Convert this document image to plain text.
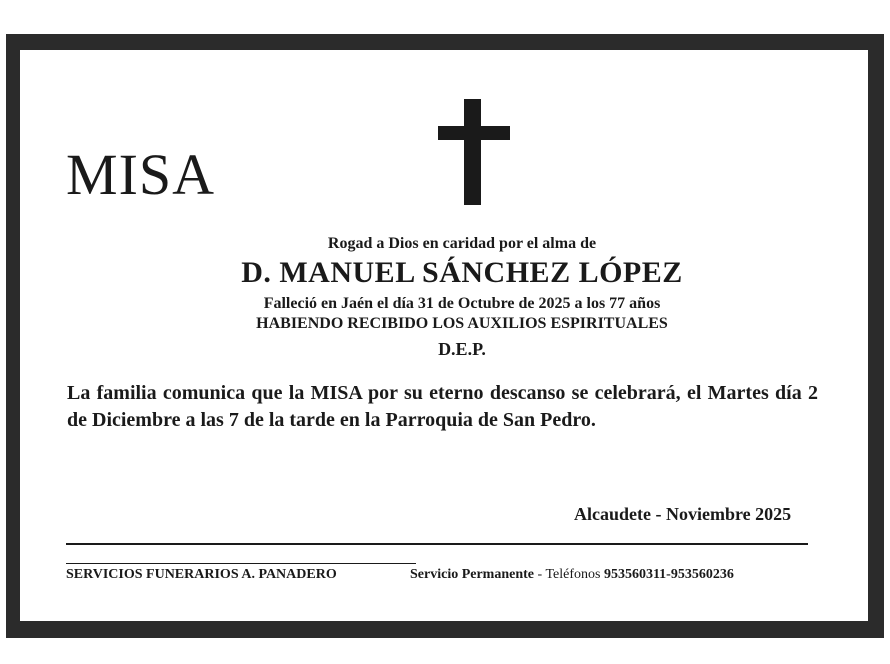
MISA
Rogad a Dios en caridad por el alma de
D. MANUEL SÁNCHEZ LÓPEZ
Falleció en Jaén el día 31 de Octubre de 2025 a los 77 años
HABIENDO RECIBIDO LOS AUXILIOS ESPIRITUALES
D.E.P.
La familia comunica que la MISA por su eterno descanso se celebrará, el Martes día 2 de Diciembre a las 7 de la tarde en la Parroquia de San Pedro.
Alcaudete - Noviembre 2025
SERVICIOS FUNERARIOS A. PANADERO	Servicio Permanente - Teléfonos 953560311-953560236
